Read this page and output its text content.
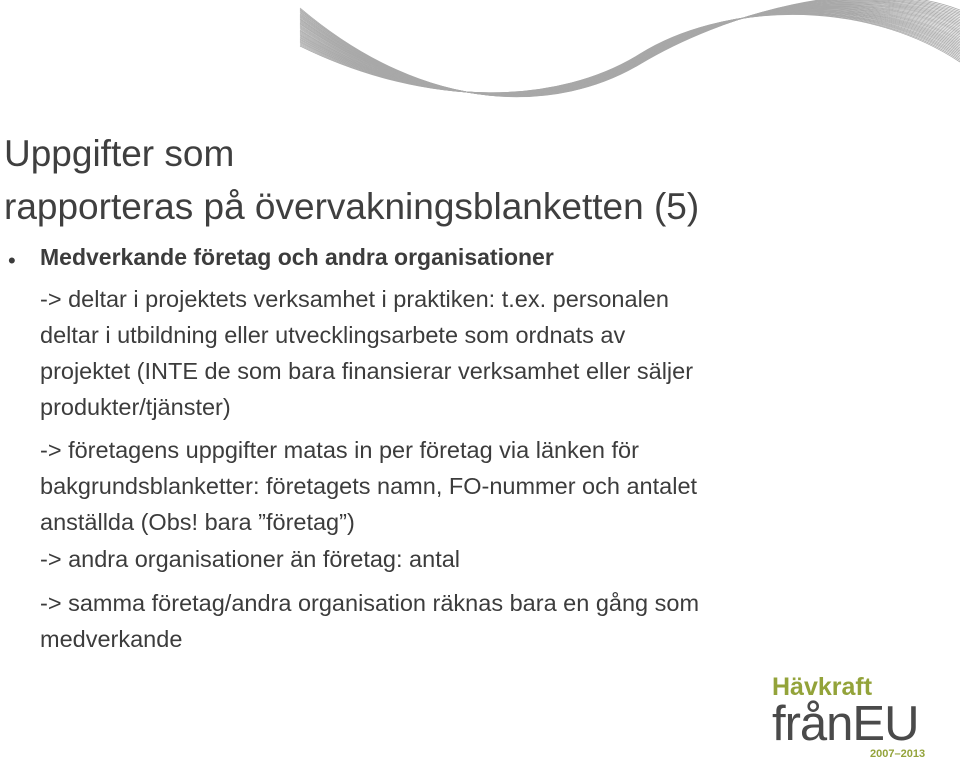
Uppgifter som
rapporteras på övervakningsblanketten (5)
• Medverkande företag och andra organisationer

-> deltar i projektets verksamhet i praktiken: t.ex. personalen
deltar i utbildning eller utvecklingsarbete som ordnats av
projektet (INTE de som bara finansierar verksamhet eller säljer
produkter/tjänster)

-> företagens uppgifter matas in per företag via länken för
bakgrundsblanketter: företagets namn, FO-nummer och antalet
anställda (Obs! bara ”företag”)

-> andra organisationer än företag: antal

-> samma företag/andra organisation räknas bara en gång som
medverkande

Hävkraft
frånEU
2007–2013
